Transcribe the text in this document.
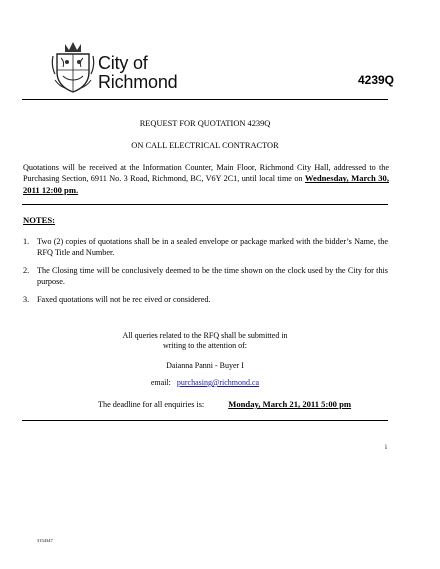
City of
Richmond	4239Q
REQUEST FOR QUOTATION 4239Q
ON CALL ELECTRICAL CONTRACTOR
Quotations will be received at the Information Counter, Main Floor, Richmond City Hall, addressed to the Purchasing Section, 6911 No. 3 Road, Richmond, BC, V6Y 2C1, until local time on Wednesday, March 30, 2011 12:00 pm.
NOTES:
1. Two (2) copies of quotations shall be in a sealed envelope or package marked with the bidder’s Name, the RFQ Title and Number.
2. The Closing time will be conclusively deemed to be the time shown on the clock used by the City for this purpose.
3. Faxed quotations will not be rec eived or considered.
All queries related to the RFQ shall be submitted in
writing to the attention of:
Daianna Panni - Buyer I
email: purchasing@richmond.ca
The deadline for all enquiries is:	Monday, March 21, 2011 5:00 pm
i
3154347
